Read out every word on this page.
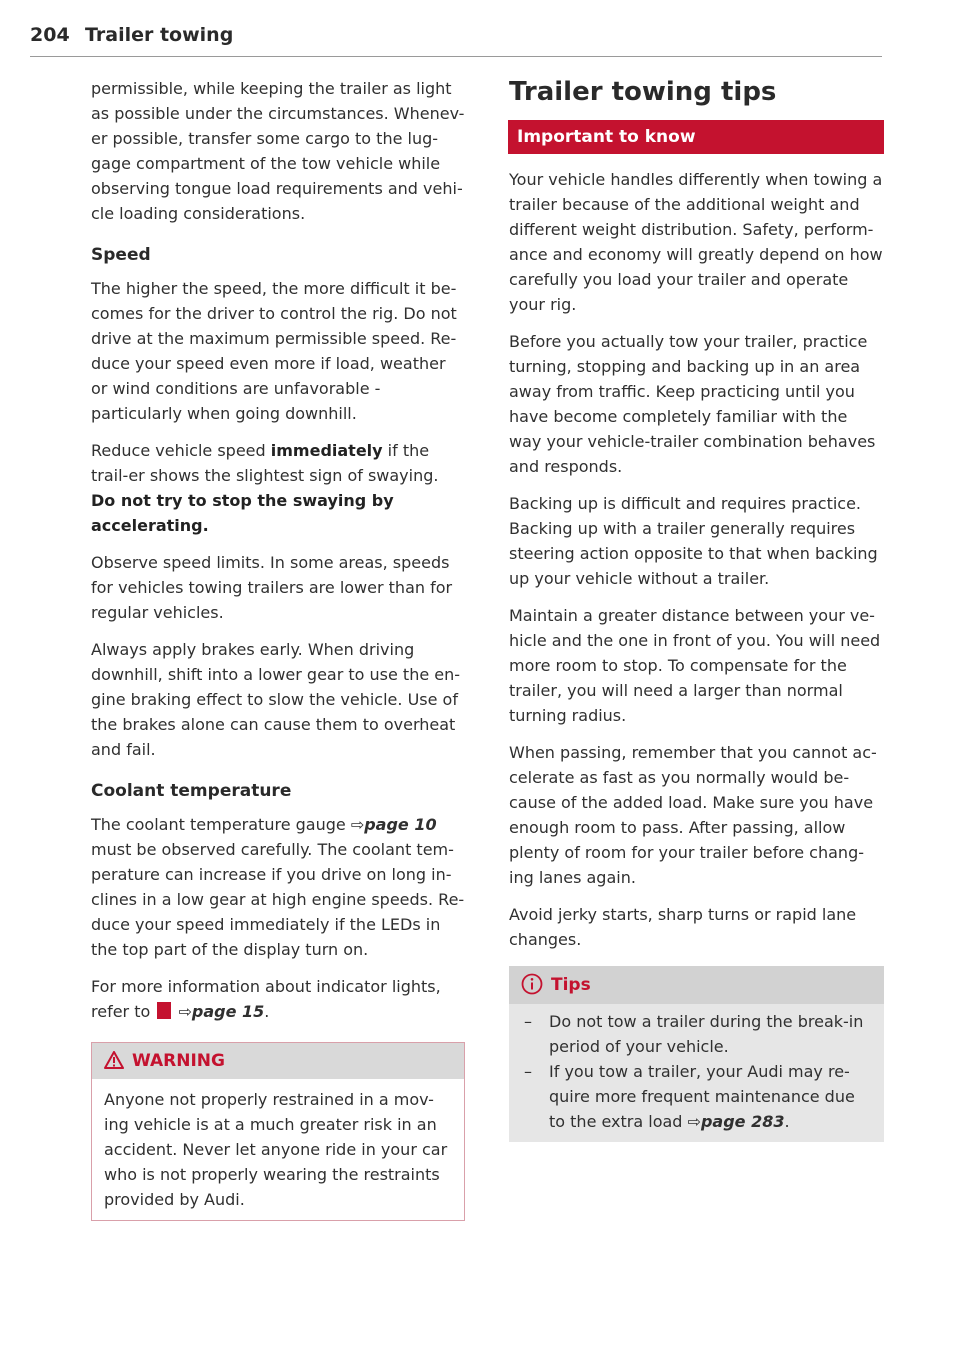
204 Trailer towing

permissible, while keeping the trailer as light as possible under the circumstances. Whenev-er possible, transfer some cargo to the lug-gage compartment of the tow vehicle while observing tongue load requirements and vehi-cle loading considerations.

Speed

The higher the speed, the more difficult it be-comes for the driver to control the rig. Do not drive at the maximum permissible speed. Re-duce your speed even more if load, weather or wind conditions are unfavorable - particularly when going downhill.

Reduce vehicle speed immediately if the trail-er shows the slightest sign of swaying. Do not try to stop the swaying by accelerating.

Observe speed limits. In some areas, speeds for vehicles towing trailers are lower than for regular vehicles.

Always apply brakes early. When driving downhill, shift into a lower gear to use the en-gine braking effect to slow the vehicle. Use of the brakes alone can cause them to overheat and fail.

Coolant temperature

The coolant temperature gauge ⇨page 10 must be observed carefully. The coolant tem-perature can increase if you drive on long in-clines in a low gear at high engine speeds. Re-duce your speed immediately if the LEDs in the top part of the display turn on.

For more information about indicator lights, refer to  ⇨page 15.

WARNING
Anyone not properly restrained in a mov-ing vehicle is at a much greater risk in an accident. Never let anyone ride in your car who is not properly wearing the restraints provided by Audi.
Trailer towing tips
Important to know

Your vehicle handles differently when towing a trailer because of the additional weight and different weight distribution. Safety, perform-ance and economy will greatly depend on how carefully you load your trailer and operate your rig.

Before you actually tow your trailer, practice turning, stopping and backing up in an area away from traffic. Keep practicing until you have become completely familiar with the way your vehicle-trailer combination behaves and responds.

Backing up is difficult and requires practice. Backing up with a trailer generally requires steering action opposite to that when backing up your vehicle without a trailer.

Maintain a greater distance between your ve-hicle and the one in front of you. You will need more room to stop. To compensate for the trailer, you will need a larger than normal turning radius.

When passing, remember that you cannot ac-celerate as fast as you normally would be-cause of the added load. Make sure you have enough room to pass. After passing, allow plenty of room for your trailer before chang-ing lanes again.

Avoid jerky starts, sharp turns or rapid lane changes.

Tips
– Do not tow a trailer during the break-in period of your vehicle.
– If you tow a trailer, your Audi may re-quire more frequent maintenance due to the extra load ⇨page 283.
